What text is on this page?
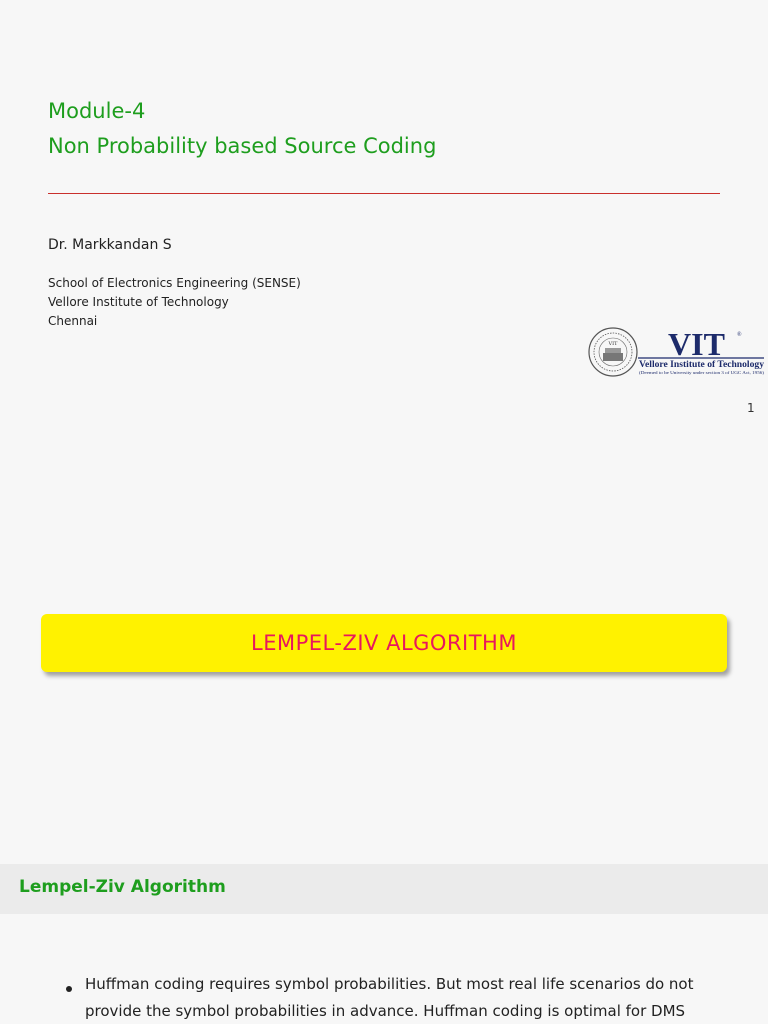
Module-4
Non Probability based Source Coding
Dr. Markkandan S
School of Electronics Engineering (SENSE)
Vellore Institute of Technology
Chennai
VIT VIT ®
Vellore Institute of Technology
(Deemed to be University under section 3 of UGC Act, 1956)
1
LEMPEL-ZIV ALGORITHM
Lempel-Ziv Algorithm
Huffman coding requires symbol probabilities. But most real life scenarios do not
provide the symbol probabilities in advance. Huffman coding is optimal for DMS
